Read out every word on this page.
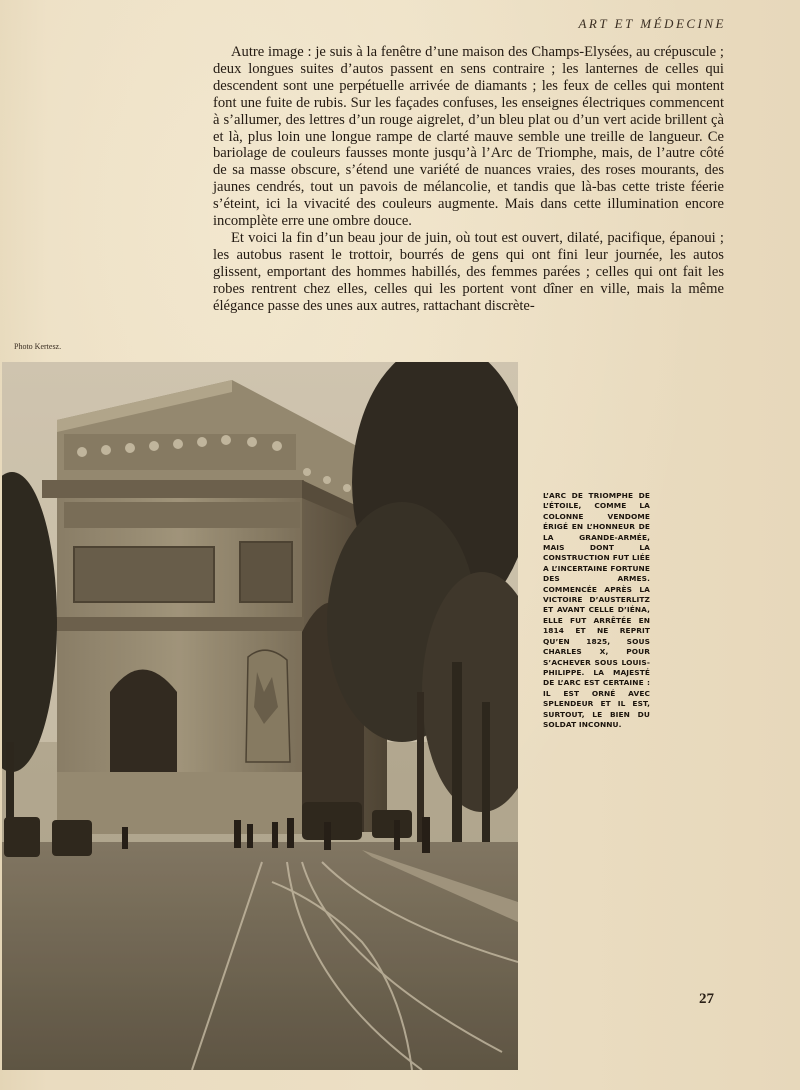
ART ET MÉDECINE

Autre image : je suis à la fenêtre d’une maison des Champs-Elysées, au crépuscule ; deux longues suites d’autos passent en sens contraire ; les lanternes de celles qui descendent sont une perpétuelle arrivée de diamants ; les feux de celles qui montent font une fuite de rubis. Sur les façades confuses, les enseignes électriques commencent à s’allumer, des lettres d’un rouge aigrelet, d’un bleu plat ou d’un vert acide brillent çà et là, plus loin une longue rampe de clarté mauve semble une treille de langueur. Ce bariolage de couleurs fausses monte jusqu’à l’Arc de Triomphe, mais, de l’autre côté de sa masse obscure, s’étend une variété de nuances vraies, des roses mourants, des jaunes cendrés, tout un pavois de mélancolie, et tandis que là-bas cette triste féerie s’éteint, ici la vivacité des couleurs augmente. Mais dans cette illumination encore incomplète erre une ombre douce.

Et voici la fin d’un beau jour de juin, où tout est ouvert, dilaté, pacifique, épanoui ; les autobus rasent le trottoir, bourrés de gens qui ont fini leur journée, les autos glissent, emportant des hommes habillés, des femmes parées ; celles qui ont fait les robes rentrent chez elles, celles qui les portent vont dîner en ville, mais la même élégance passe des unes aux autres, rattachant discrète-

Photo Kertesz.
L’ARC DE TRIOMPHE DE L’ÉTOILE, COMME LA COLONNE VENDOME ÉRIGÉ EN L’HONNEUR DE LA GRANDE-ARMÉE, MAIS DONT LA CONSTRUCTION FUT LIÉE A L’INCERTAINE FORTUNE DES ARMES. COMMENCÉE APRÈS LA VICTOIRE D’AUSTERLITZ ET AVANT CELLE D’IÉNA, ELLE FUT ARRÊTÉE EN 1814 ET NE REPRIT QU’EN 1825, SOUS CHARLES X, POUR S’ACHEVER SOUS LOUIS-PHILIPPE. LA MAJESTÉ DE L’ARC EST CERTAINE : IL EST ORNÉ AVEC SPLENDEUR ET IL EST, SURTOUT, LE BIEN DU SOLDAT INCONNU.
27
